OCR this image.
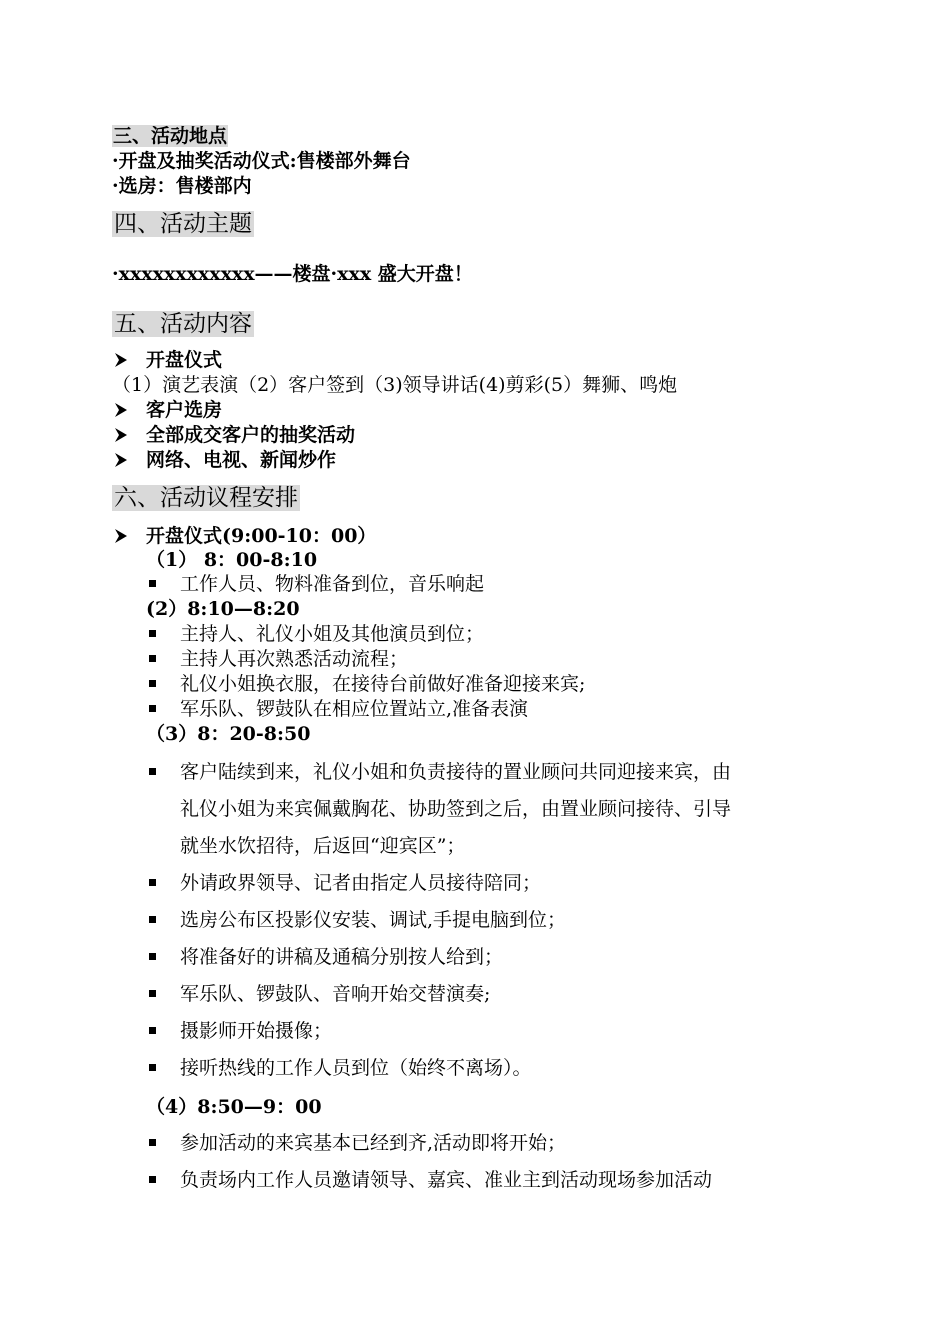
三、活动地点
·开盘及抽奖活动仪式:售楼部外舞台
·选房：售楼部内
四、活动主题
·xxxxxxxxxxxx——楼盘·xxx 盛大开盘！
五、活动内容
开盘仪式
（1）演艺表演（2）客户签到（3)领导讲话(4)剪彩(5）舞狮、鸣炮
客户选房
全部成交客户的抽奖活动
网络、电视、新闻炒作
六、活动议程安排
开盘仪式(9:00-10：00）
（1） 8：00-8:10
工作人员、物料准备到位，音乐响起
(2）8:10—8:20
主持人、礼仪小姐及其他演员到位；
主持人再次熟悉活动流程；
礼仪小姐换衣服，在接待台前做好准备迎接来宾;
军乐队、锣鼓队在相应位置站立,准备表演
（3）8：20-8:50
客户陆续到来，礼仪小姐和负责接待的置业顾问共同迎接来宾，由
礼仪小姐为来宾佩戴胸花、协助签到之后，由置业顾问接待、引导
就坐水饮招待，后返回“迎宾区”；
外请政界领导、记者由指定人员接待陪同；
选房公布区投影仪安装、调试,手提电脑到位；
将准备好的讲稿及通稿分别按人给到；
军乐队、锣鼓队、音响开始交替演奏;
摄影师开始摄像；
接听热线的工作人员到位（始终不离场）。
（4）8:50—9：00
参加活动的来宾基本已经到齐,活动即将开始；
负责场内工作人员邀请领导、嘉宾、准业主到活动现场参加活动
